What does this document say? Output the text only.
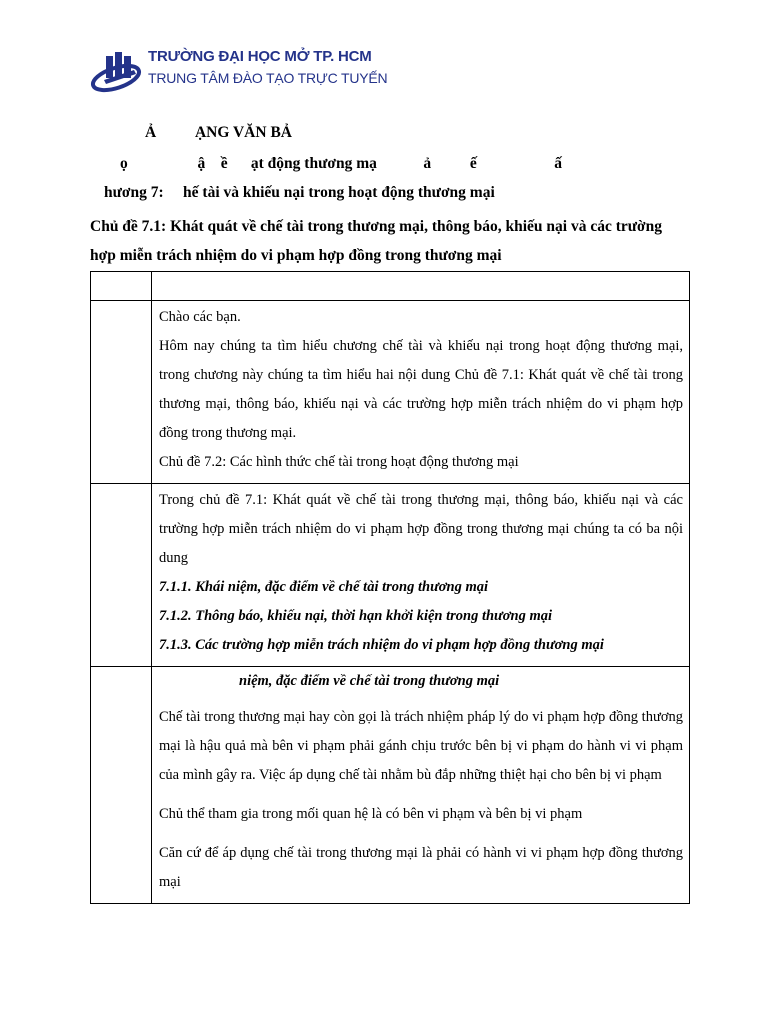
TRƯỜNG ĐẠI HỌC MỞ TP. HCM
TRUNG TÂM ĐÀO TẠO TRỰC TUYẾN
Ả          ẠNG VĂN BẢ
ọ                  ậ    ề      ạt động thương mạ            ả          ế                    ấ
hương 7:     hế tài và khiếu nại trong hoạt động thương mại
Chủ đề 7.1: Khát quát về chế tài trong thương mại, thông báo, khiếu nại và các trường hợp miễn trách nhiệm do vi phạm hợp đồng trong thương mại

	Chào các bạn.

Hôm nay chúng ta tìm hiểu chương chế tài và khiếu nại trong hoạt động thương mại, trong chương này chúng ta tìm hiểu hai nội dung Chủ đề 7.1: Khát quát về chế tài trong thương mại, thông báo, khiếu nại và các trường hợp miễn trách nhiệm do vi phạm hợp đồng trong thương mại.

Chủ đề 7.2: Các hình thức chế tài trong hoạt động thương mại

	Trong chủ đề 7.1: Khát quát về chế tài trong thương mại, thông báo, khiếu nại và các trường hợp miễn trách nhiệm do vi phạm hợp đồng trong thương mại chúng ta có ba nội dung

7.1.1. Khái niệm, đặc điểm về chế tài trong thương mại

7.1.2. Thông báo, khiếu nại, thời hạn khởi kiện trong thương mại

7.1.3. Các trường hợp miễn trách nhiệm do vi phạm hợp đồng thương mại

	niệm, đặc điểm về chế tài trong thương mại

Chế tài trong thương mại hay còn gọi là trách nhiệm pháp lý do vi phạm hợp đồng thương mại là hậu quả mà bên vi phạm phải gánh chịu trước bên bị vi phạm do hành vi vi phạm của mình gây ra. Việc áp dụng chế tài nhằm bù đắp những thiệt hại cho bên bị vi phạm

Chủ thể tham gia trong mối quan hệ là có bên vi phạm và bên bị vi phạm

Căn cứ để áp dụng chế tài trong thương mại là phải có hành vi vi phạm hợp đồng thương mại
